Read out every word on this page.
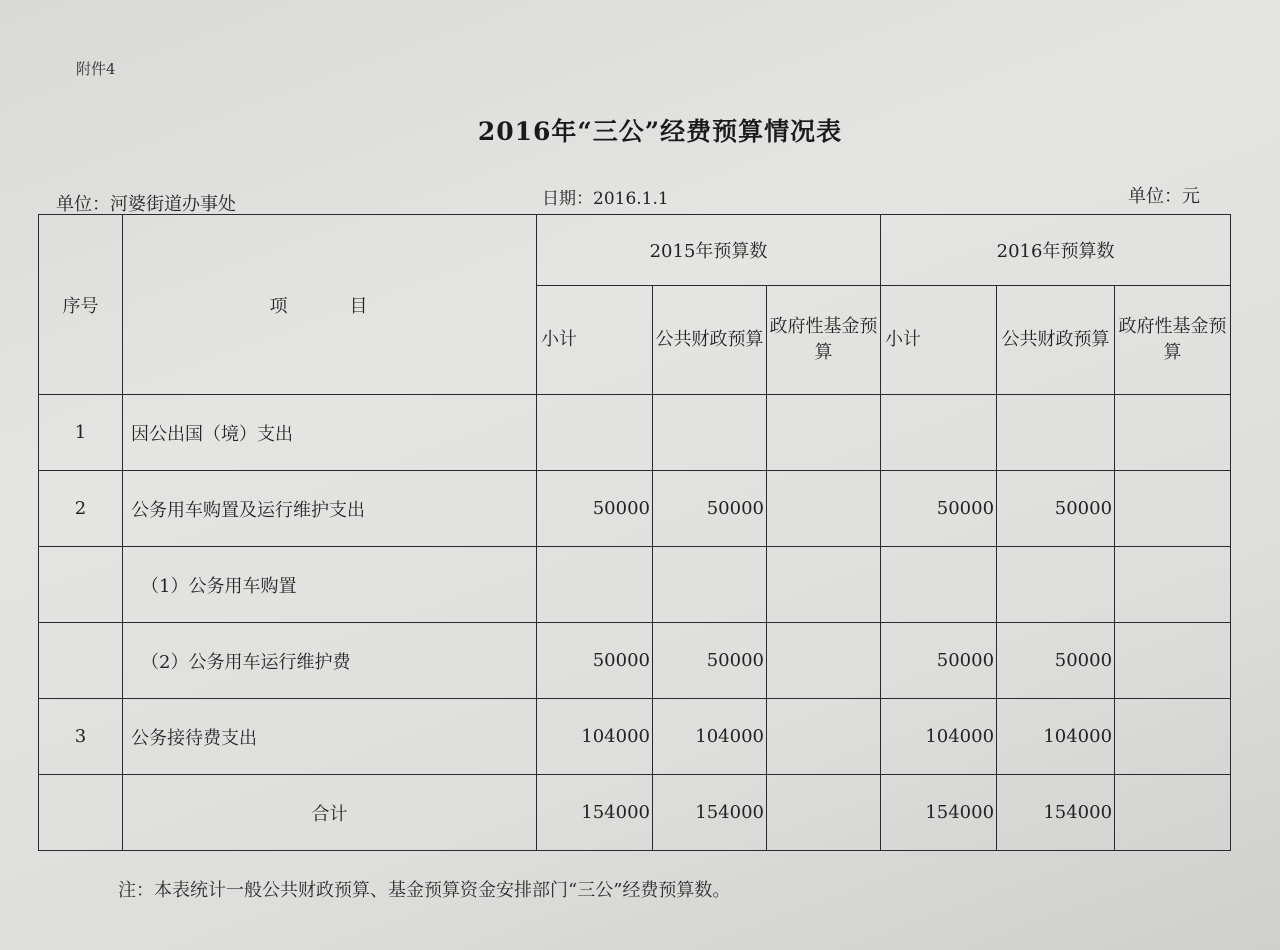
附件4
2016年“三公”经费预算情况表
单位：河婆街道办事处	日期：2016.1.1	单位：元
序号	项　目	2015年预算数			2016年预算数		
		小计	公共财政预算	政府性基金预算	小计	公共财政预算	政府性基金预算
1	因公出国（境）支出						
2	公务用车购置及运行维护支出	50000	50000		50000	50000	
	（1）公务用车购置						
	（2）公务用车运行维护费	50000	50000		50000	50000	
3	公务接待费支出	104000	104000		104000	104000	
	合计	154000	154000		154000	154000	
注：本表统计一般公共财政预算、基金预算资金安排部门“三公”经费预算数。
